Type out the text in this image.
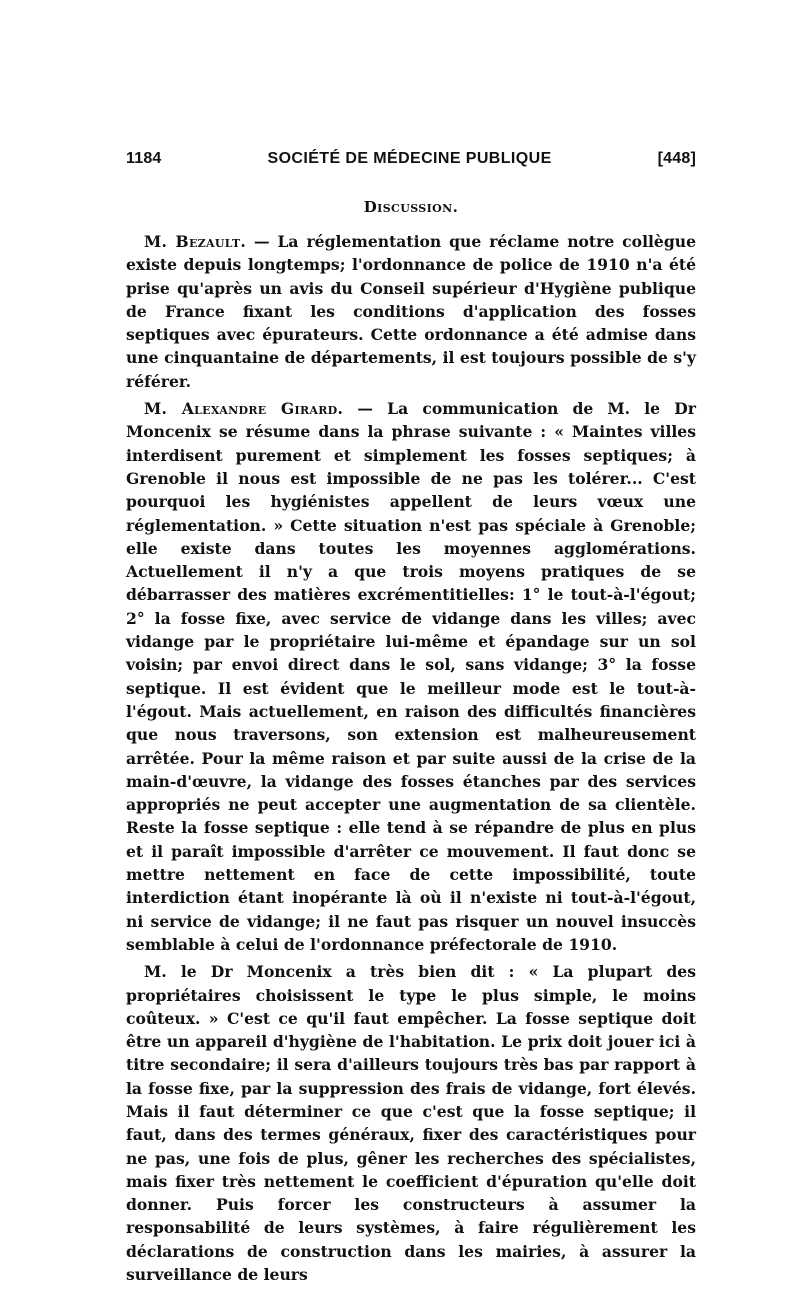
1184	SOCIÉTÉ DE MÉDECINE PUBLIQUE	[448]
Discussion.

M. Bezault. — La réglementation que réclame notre collègue existe depuis longtemps; l'ordonnance de police de 1910 n'a été prise qu'après un avis du Conseil supérieur d'Hygiène publique de France fixant les conditions d'application des fosses septiques avec épurateurs. Cette ordonnance a été admise dans une cinquantaine de départements, il est toujours possible de s'y référer.

M. Alexandre Girard. — La communication de M. le Dr Moncenix se résume dans la phrase suivante : « Maintes villes interdisent purement et simplement les fosses septiques; à Grenoble il nous est impossible de ne pas les tolérer... C'est pourquoi les hygiénistes appellent de leurs vœux une réglementation. » Cette situation n'est pas spéciale à Grenoble; elle existe dans toutes les moyennes agglomérations. Actuellement il n'y a que trois moyens pratiques de se débarrasser des matières excrémentitielles: 1° le tout-à-l'égout; 2° la fosse fixe, avec service de vidange dans les villes; avec vidange par le propriétaire lui-même et épandage sur un sol voisin; par envoi direct dans le sol, sans vidange; 3° la fosse septique. Il est évident que le meilleur mode est le tout-à-l'égout. Mais actuellement, en raison des difficultés financières que nous traversons, son extension est malheureusement arrêtée. Pour la même raison et par suite aussi de la crise de la main-d'œuvre, la vidange des fosses étanches par des services appropriés ne peut accepter une augmentation de sa clientèle. Reste la fosse septique : elle tend à se répandre de plus en plus et il paraît impossible d'arrêter ce mouvement. Il faut donc se mettre nettement en face de cette impossibilité, toute interdiction étant inopérante là où il n'existe ni tout-à-l'égout, ni service de vidange; il ne faut pas risquer un nouvel insuccès semblable à celui de l'ordonnance préfectorale de 1910.

M. le Dr Moncenix a très bien dit : « La plupart des propriétaires choisissent le type le plus simple, le moins coûteux. » C'est ce qu'il faut empêcher. La fosse septique doit être un appareil d'hygiène de l'habitation. Le prix doit jouer ici à titre secondaire; il sera d'ailleurs toujours très bas par rapport à la fosse fixe, par la suppression des frais de vidange, fort élevés. Mais il faut déterminer ce que c'est que la fosse septique; il faut, dans des termes généraux, fixer des caractéristiques pour ne pas, une fois de plus, gêner les recherches des spécialistes, mais fixer très nettement le coefficient d'épuration qu'elle doit donner. Puis forcer les constructeurs à assumer la responsabilité de leurs systèmes, à faire régulièrement les déclarations de construction dans les mairies, à assurer la surveillance de leurs
